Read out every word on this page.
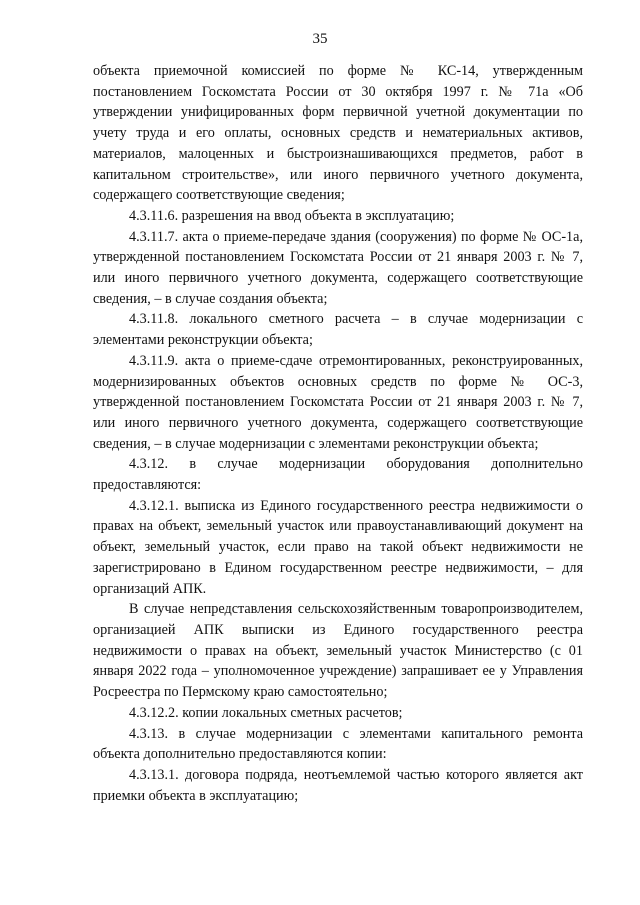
35

объекта приемочной комиссией по форме № КС-14, утвержденным постановлением Госкомстата России от 30 октября 1997 г. № 71а «Об утверждении унифицированных форм первичной учетной документации по учету труда и его оплаты, основных средств и нематериальных активов, материалов, малоценных и быстроизнашивающихся предметов, работ в капитальном строительстве», или иного первичного учетного документа, содержащего соответствующие сведения;

4.3.11.6. разрешения на ввод объекта в эксплуатацию;

4.3.11.7. акта о приеме-передаче здания (сооружения) по форме № ОС-1а, утвержденной постановлением Госкомстата России от 21 января 2003 г. № 7, или иного первичного учетного документа, содержащего соответствующие сведения, – в случае создания объекта;

4.3.11.8. локального сметного расчета – в случае модернизации с элементами реконструкции объекта;

4.3.11.9. акта о приеме-сдаче отремонтированных, реконструированных, модернизированных объектов основных средств по форме № ОС-3, утвержденной постановлением Госкомстата России от 21 января 2003 г. № 7, или иного первичного учетного документа, содержащего соответствующие сведения, – в случае модернизации с элементами реконструкции объекта;

4.3.12. в случае модернизации оборудования дополнительно предоставляются:

4.3.12.1. выписка из Единого государственного реестра недвижимости о правах на объект, земельный участок или правоустанавливающий документ на объект, земельный участок, если право на такой объект недвижимости не зарегистрировано в Едином государственном реестре недвижимости, – для организаций АПК.

В случае непредставления сельскохозяйственным товаропроизводителем, организацией АПК выписки из Единого государственного реестра недвижимости о правах на объект, земельный участок Министерство (с 01 января 2022 года – уполномоченное учреждение) запрашивает ее у Управления Росреестра по Пермскому краю самостоятельно;

4.3.12.2. копии локальных сметных расчетов;

4.3.13. в случае модернизации с элементами капитального ремонта объекта дополнительно предоставляются копии:

4.3.13.1. договора подряда, неотъемлемой частью которого является акт приемки объекта в эксплуатацию;
